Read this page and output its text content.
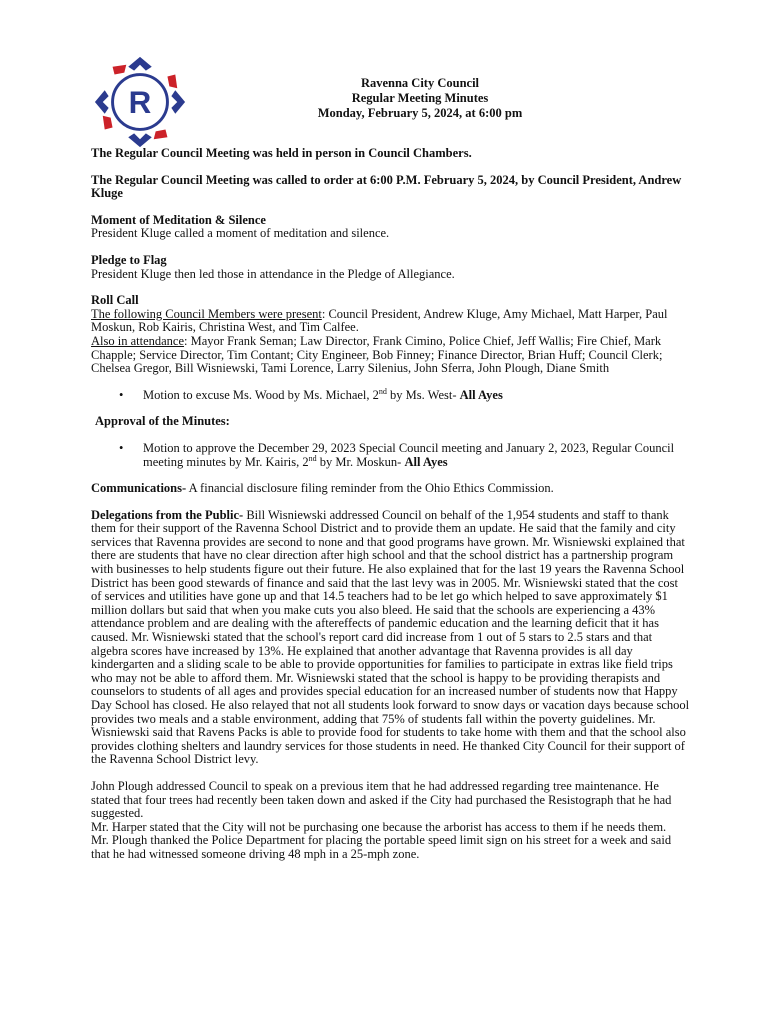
R
Ravenna City Council
Regular Meeting Minutes
Monday, February 5, 2024, at 6:00 pm

The Regular Council Meeting was held in person in Council Chambers.

The Regular Council Meeting was called to order at 6:00 P.M. February 5, 2024, by Council President, Andrew Kluge

Moment of Meditation & Silence
President Kluge called a moment of meditation and silence.
Pledge to Flag
President Kluge then led those in attendance in the Pledge of Allegiance.
Roll Call
The following Council Members were present: Council President, Andrew Kluge, Amy Michael, Matt Harper, Paul Moskun, Rob Kairis, Christina West, and Tim Calfee.
Also in attendance: Mayor Frank Seman; Law Director, Frank Cimino, Police Chief, Jeff Wallis; Fire Chief, Mark Chapple; Service Director, Tim Contant; City Engineer, Bob Finney; Finance Director, Brian Huff; Council Clerk; Chelsea Gregor, Bill Wisniewski, Tami Lorence, Larry Silenius, John Sferra, John Plough, Diane Smith
•	Motion to excuse Ms. Wood by Ms. Michael, 2nd by Ms. West- All Ayes
Approval of the Minutes:
•	Motion to approve the December 29, 2023 Special Council meeting and January 2, 2023, Regular Council meeting minutes by Mr. Kairis, 2nd by Mr. Moskun- All Ayes

Communications- A financial disclosure filing reminder from the Ohio Ethics Commission.

Delegations from the Public- Bill Wisniewski addressed Council on behalf of the 1,954 students and staff to thank them for their support of the Ravenna School District and to provide them an update. He said that the family and city services that Ravenna provides are second to none and that good programs have grown. Mr. Wisniewski explained that there are students that have no clear direction after high school and that the school district has a partnership program with businesses to help students figure out their future. He also explained that for the last 19 years the Ravenna School District has been good stewards of finance and said that the last levy was in 2005. Mr. Wisniewski stated that the cost of services and utilities have gone up and that 14.5 teachers had to be let go which helped to save approximately $1 million dollars but said that when you make cuts you also bleed. He said that the schools are experiencing a 43% attendance problem and are dealing with the aftereffects of pandemic education and the learning deficit that it has caused. Mr. Wisniewski stated that the school's report card did increase from 1 out of 5 stars to 2.5 stars and that algebra scores have increased by 13%. He explained that another advantage that Ravenna provides is all day kindergarten and a sliding scale to be able to provide opportunities for families to participate in extras like field trips who may not be able to afford them. Mr. Wisniewski stated that the school is happy to be providing therapists and counselors to students of all ages and provides special education for an increased number of students now that Happy Day School has closed. He also relayed that not all students look forward to snow days or vacation days because school provides two meals and a stable environment, adding that 75% of students fall within the poverty guidelines. Mr. Wisniewski said that Ravens Packs is able to provide food for students to take home with them and that the school also provides clothing shelters and laundry services for those students in need. He thanked City Council for their support of the Ravenna School District levy.

John Plough addressed Council to speak on a previous item that he had addressed regarding tree maintenance. He stated that four trees had recently been taken down and asked if the City had purchased the Resistograph that he had suggested.
Mr. Harper stated that the City will not be purchasing one because the arborist has access to them if he needs them.
Mr. Plough thanked the Police Department for placing the portable speed limit sign on his street for a week and said that he had witnessed someone driving 48 mph in a 25-mph zone.
